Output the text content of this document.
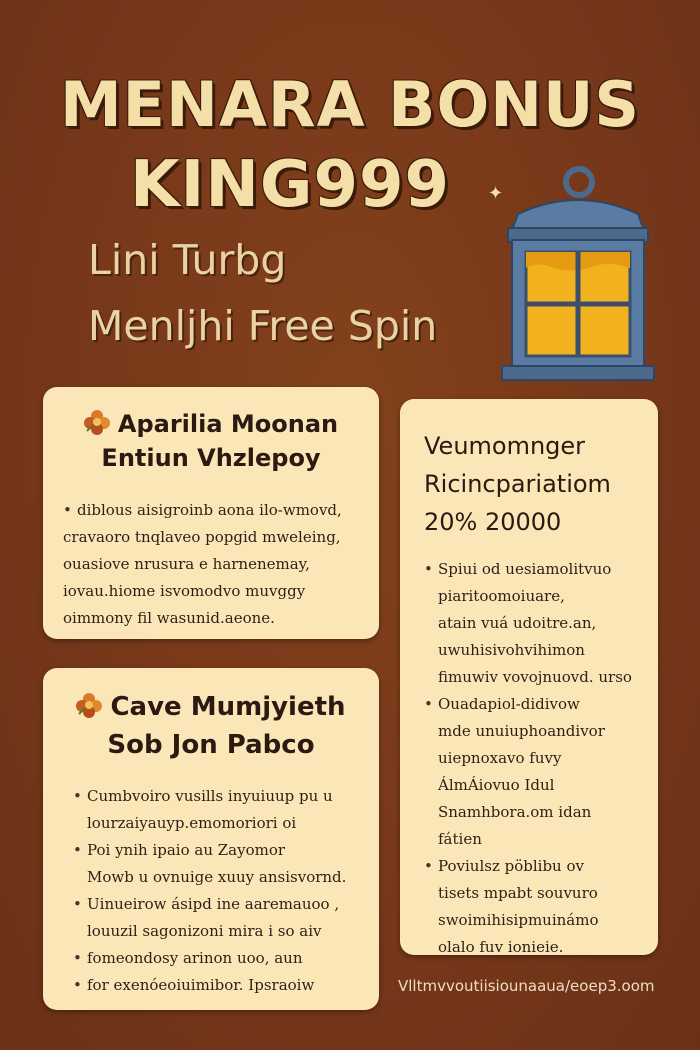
MENARA BONUS
KING999	✦
Lini Turbg
Menljhi Free Spin
Aparilia Moonan
Entiun Vhzlepoy
• diblous aisigroinb aona ilo-wmovd,
cravaoro tnqlaveo popgid mweleing,
ouasiove nrusura e harnenemay,
iovau.hiome isvomodvo muvggy
oimmony fil wasunid.aeone.
Cave Mumjyieth
Sob Jon Pabco
• Cumbvoiro vusills inyuiuup pu u
lourzaiyauyp.emomoriori oi
• Poi ynih ipaio au Zayomor
Mowb u ovnuige xuuy ansisvornd.
• Uinueirow ásipd ine aaremauoo ,
louuzil sagonizoni mira i so aiv
• fomeondosy arinon uoo, aun
• for exenóeoiuimibor. Ipsraoiw
Veumomnger
Ricincpariatiom
20% 20000
• Spiui od uesiamolitvuo
piaritoomoiuare,
atain vuá udoitre.an,
uwuhisivohvihimon
fimuwiv vovojnuovd. urso
• Ouadapiol-didivow
mde unuiuphoandivor
uiepnoxavo fuvy
ÁlmÁiovuo Idul
Snamhbora.om idan
fátien
• Poviulsz pöblibu ov
tisets mpabt souvuro
swoimihisipmuinámo
olalo fuv ionieie.
Vlltmvvoutiisiounaaua/eoep3.oom
